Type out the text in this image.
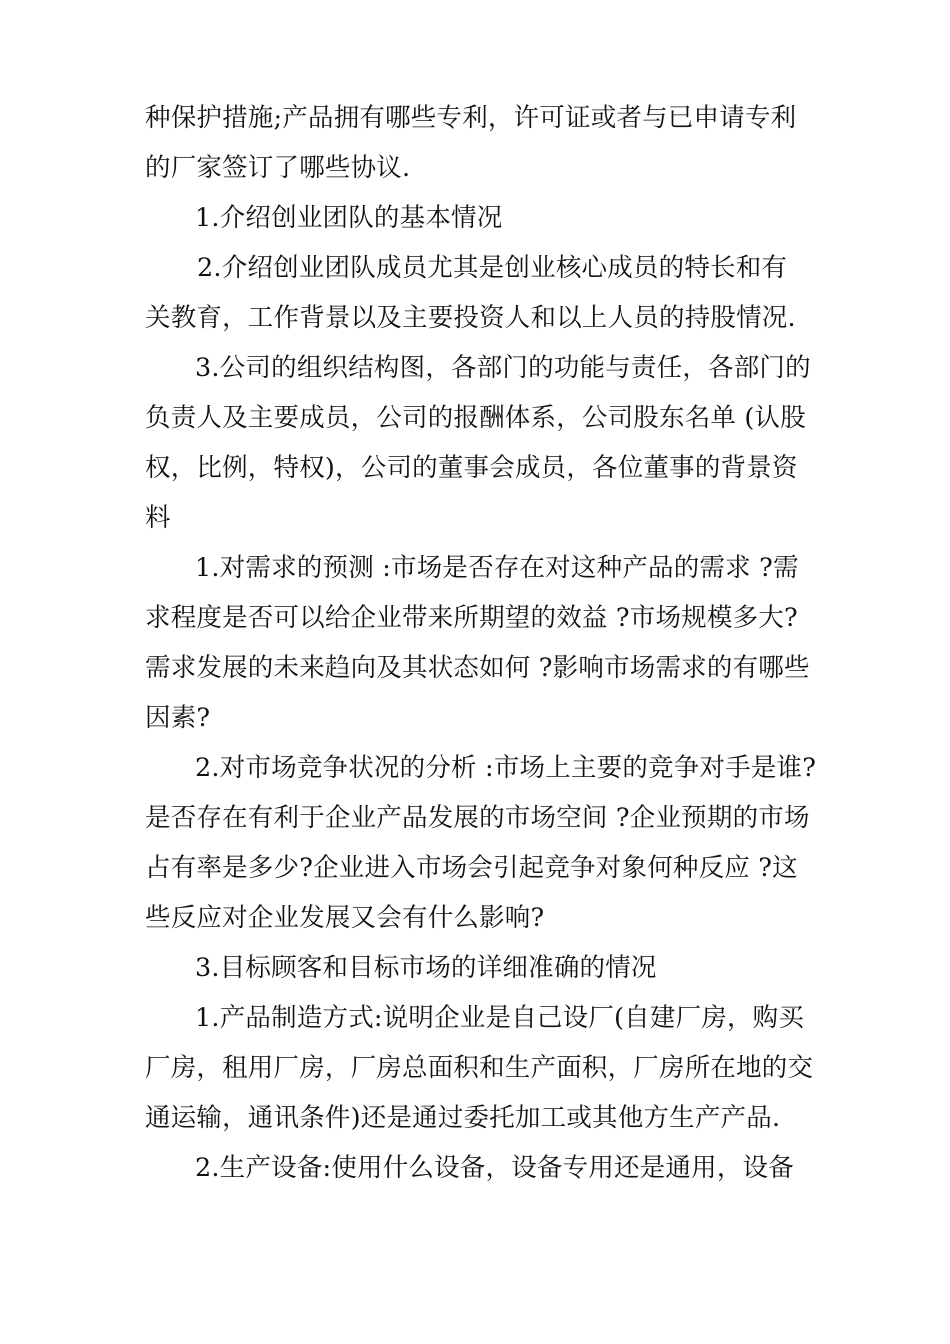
种保护措施;产品拥有哪些专利，许可证或者与已申请专利
的厂家签订了哪些协议.
1.介绍创业团队的基本情况
2.介绍创业团队成员尤其是创业核心成员的特长和有
关教育，工作背景以及主要投资人和以上人员的持股情况.
3.公司的组织结构图，各部门的功能与责任，各部门的
负责人及主要成员，公司的报酬体系，公司股东名单 (认股
权，比例，特权)，公司的董事会成员，各位董事的背景资
料
1.对需求的预测 :市场是否存在对这种产品的需求 ?需
求程度是否可以给企业带来所期望的效益 ?市场规模多大?
需求发展的未来趋向及其状态如何 ?影响市场需求的有哪些
因素?
2.对市场竞争状况的分析 :市场上主要的竞争对手是谁?
是否存在有利于企业产品发展的市场空间 ?企业预期的市场
占有率是多少?企业进入市场会引起竞争对象何种反应 ?这
些反应对企业发展又会有什么影响?
3.目标顾客和目标市场的详细准确的情况
1.产品制造方式:说明企业是自己设厂(自建厂房，购买
厂房，租用厂房，厂房总面积和生产面积，厂房所在地的交
通运输，通讯条件)还是通过委托加工或其他方生产产品.
2.生产设备:使用什么设备，设备专用还是通用，设备
